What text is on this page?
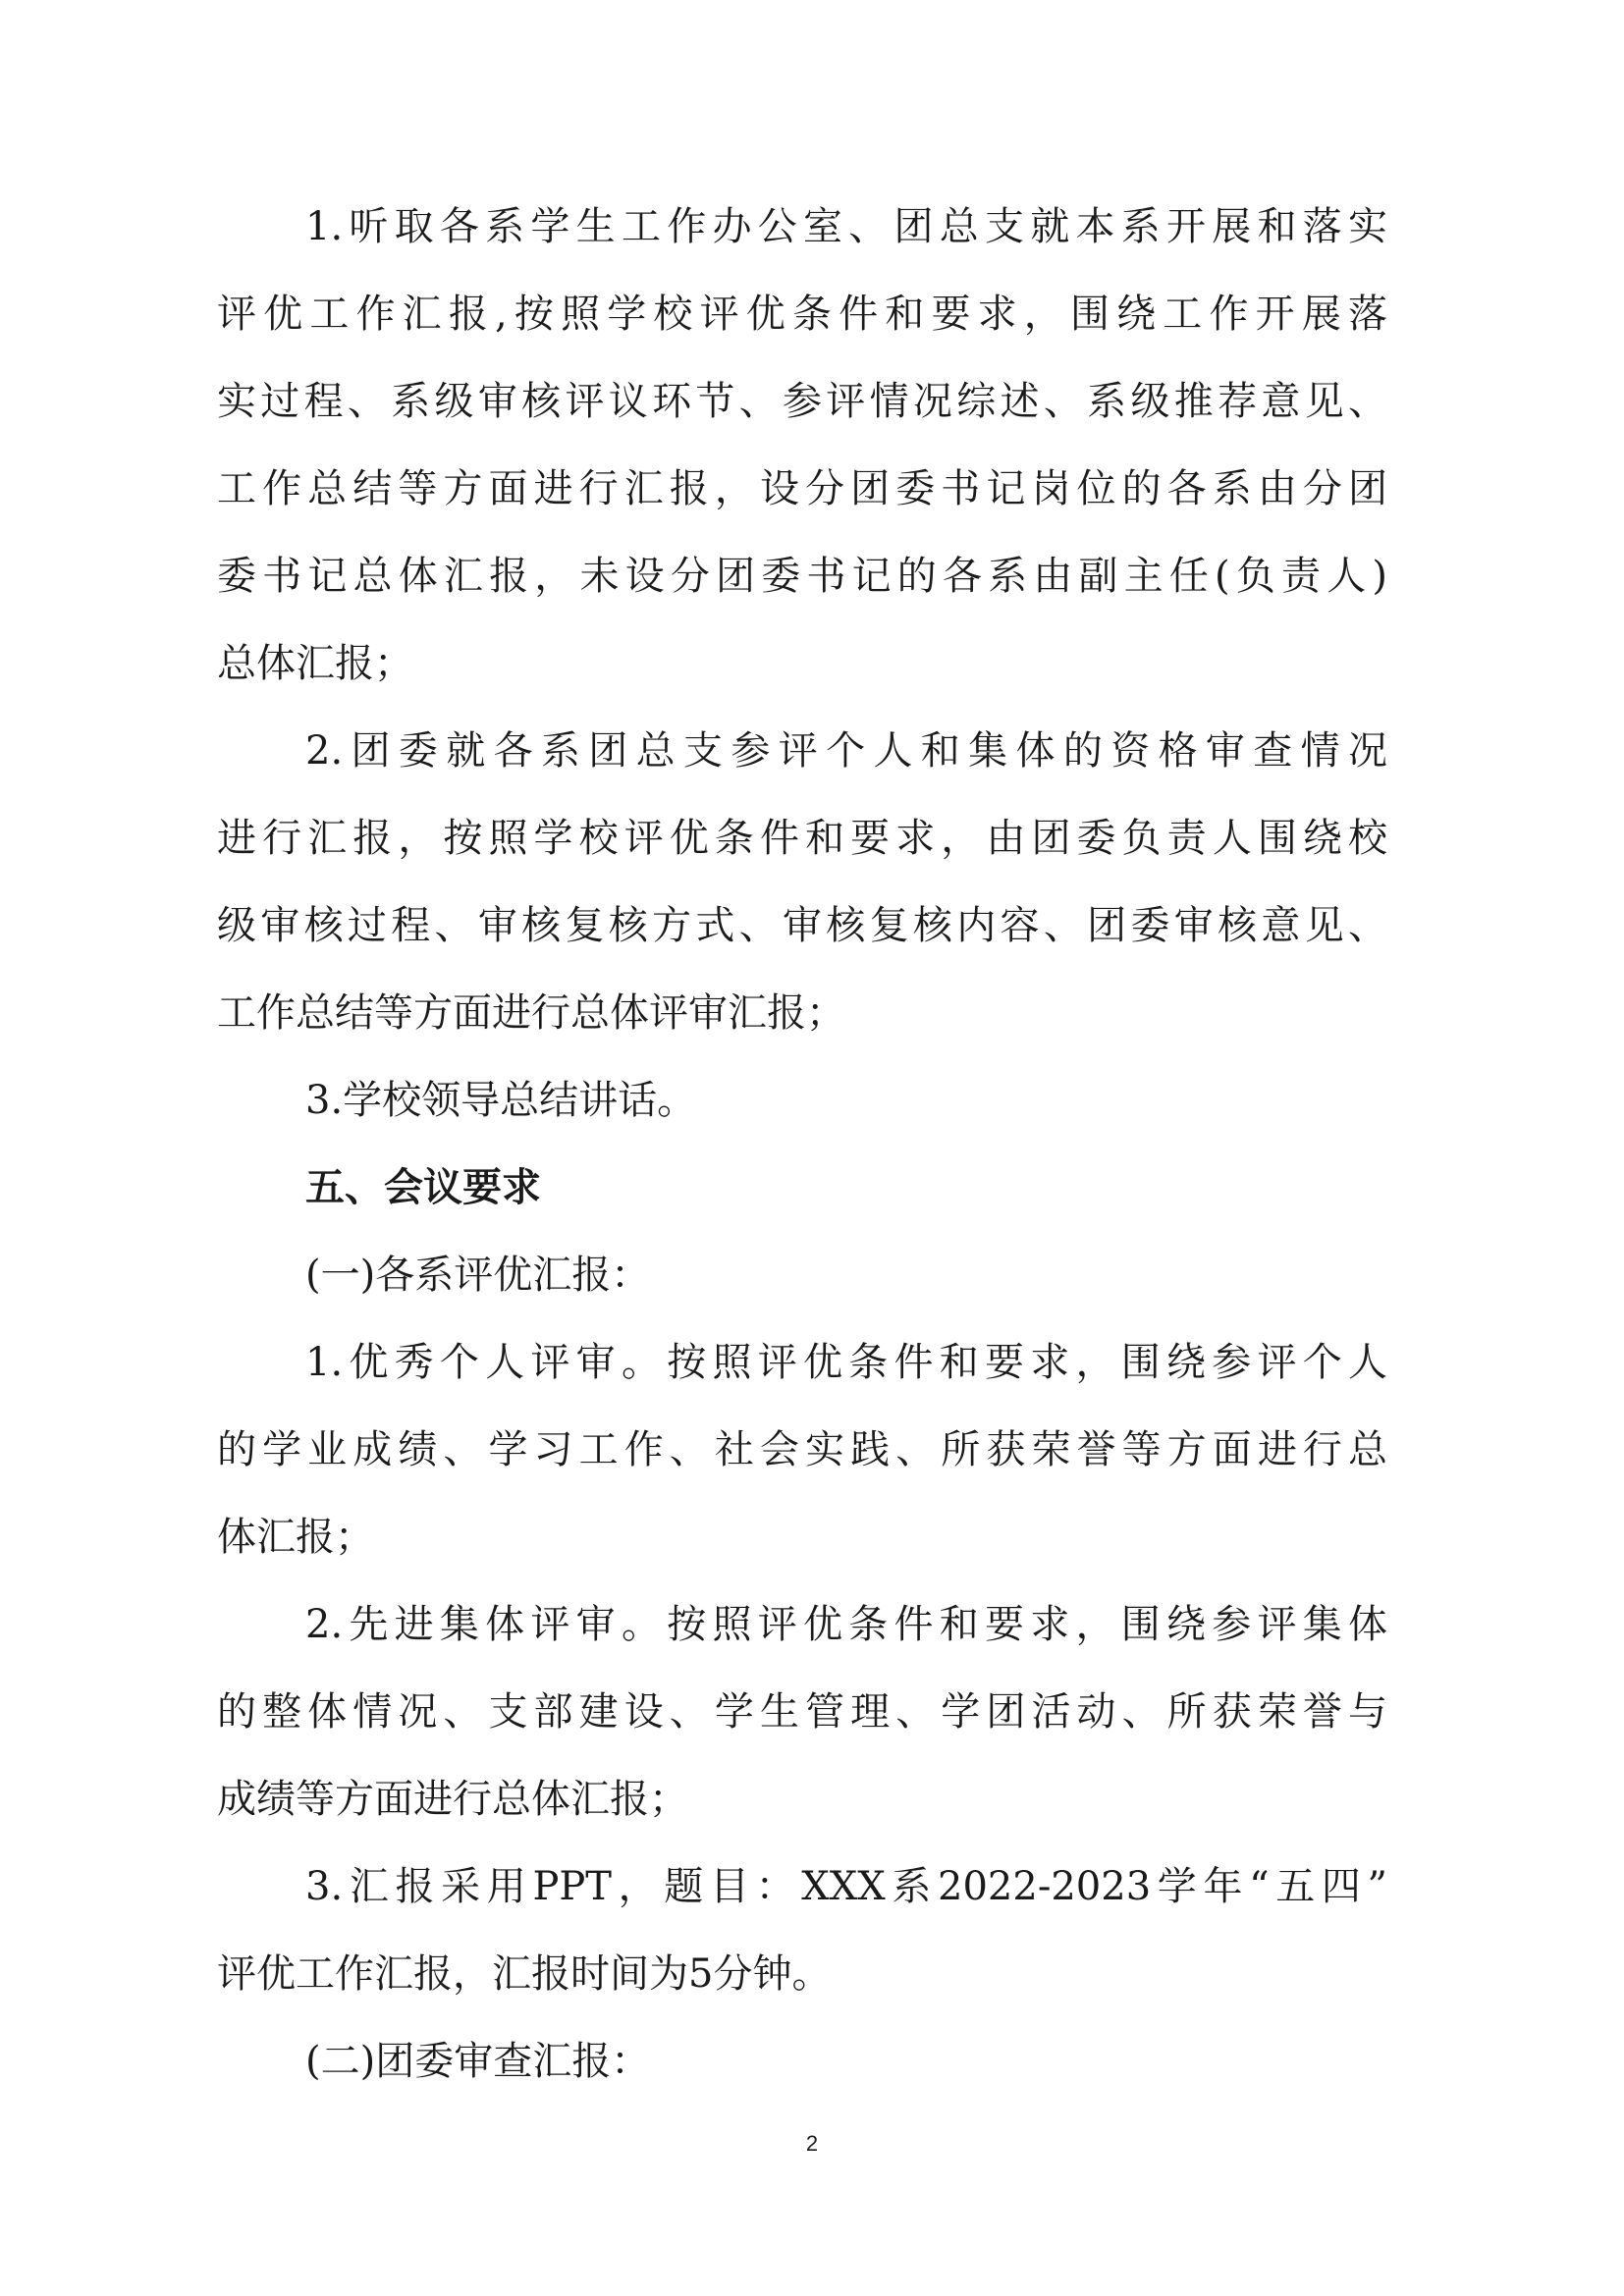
1.听取各系学生工作办公室、团总支就本系开展和落实
评优工作汇报,按照学校评优条件和要求，围绕工作开展落
实过程、系级审核评议环节、参评情况综述、系级推荐意见、
工作总结等方面进行汇报，设分团委书记岗位的各系由分团
委书记总体汇报，未设分团委书记的各系由副主任(负责人)
总体汇报；
2.团委就各系团总支参评个人和集体的资格审查情况
进行汇报，按照学校评优条件和要求，由团委负责人围绕校
级审核过程、审核复核方式、审核复核内容、团委审核意见、
工作总结等方面进行总体评审汇报；
3.学校领导总结讲话。
五、会议要求
(一)各系评优汇报：
1.优秀个人评审。按照评优条件和要求，围绕参评个人
的学业成绩、学习工作、社会实践、所获荣誉等方面进行总
体汇报；
2.先进集体评审。按照评优条件和要求，围绕参评集体
的整体情况、支部建设、学生管理、学团活动、所获荣誉与
成绩等方面进行总体汇报；
3.汇报采用PPT，题目：XXX系2022-2023学年“五四”
评优工作汇报，汇报时间为5分钟。
(二)团委审查汇报：
2
